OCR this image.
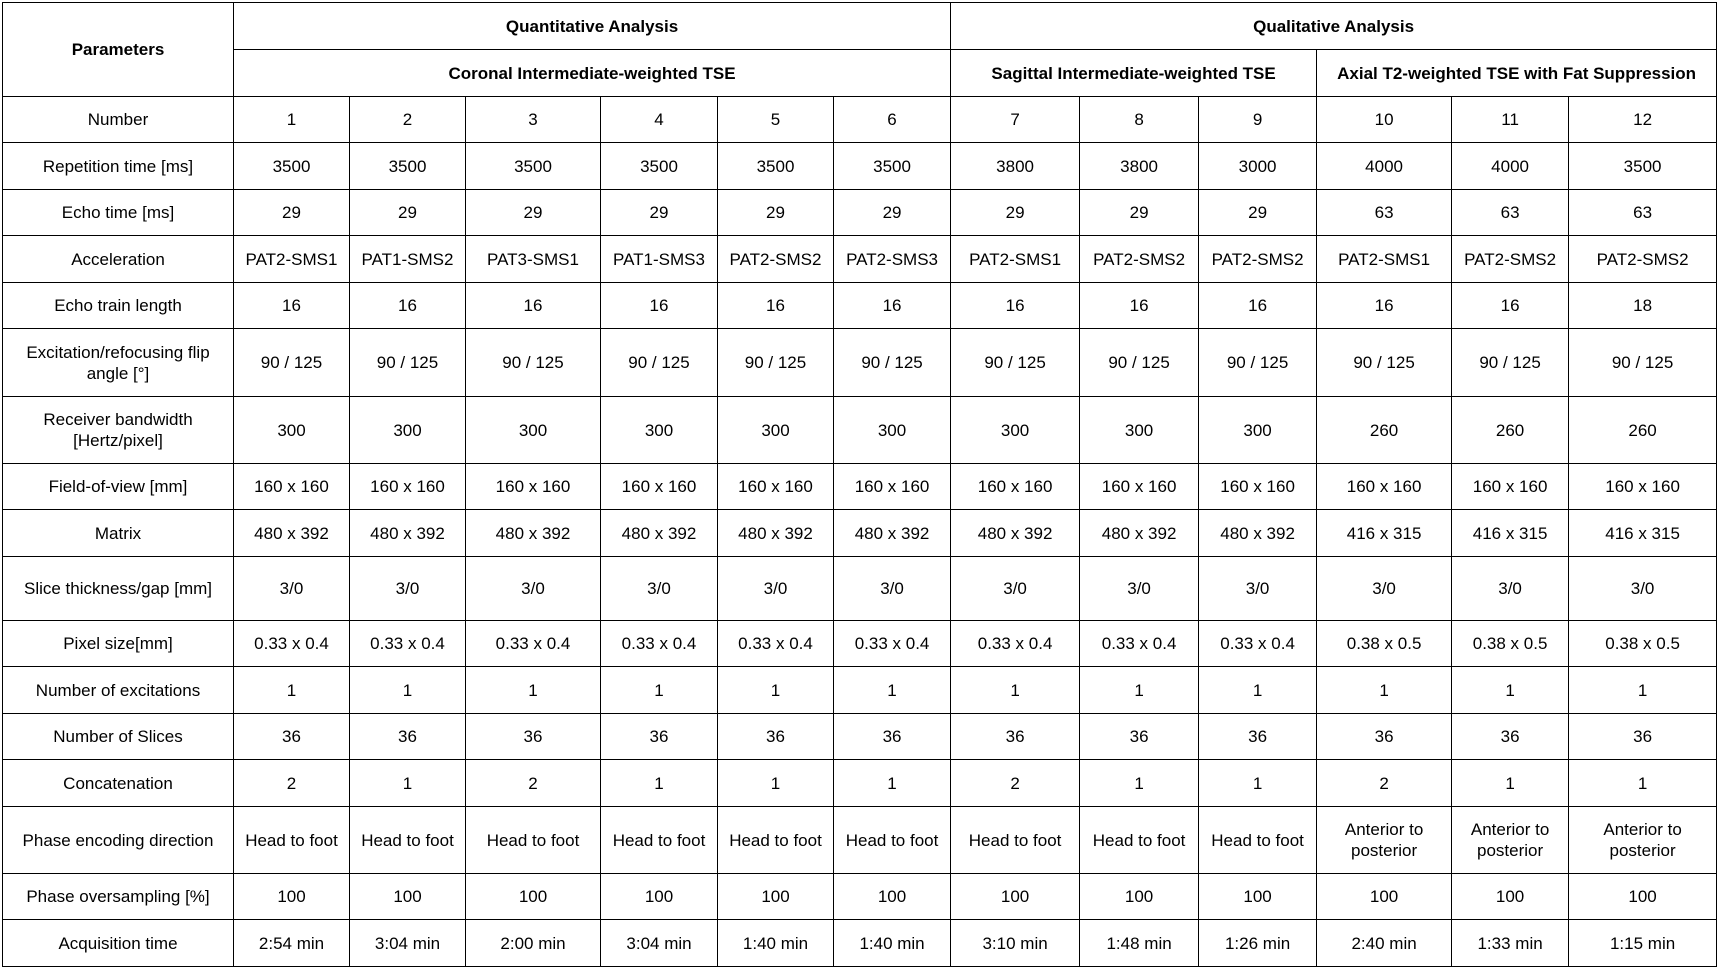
Parameters	Quantitative Analysis						Qualitative Analysis					
	Coronal Intermediate-weighted TSE						Sagittal Intermediate-weighted TSE			Axial T2-weighted TSE with Fat Suppression		
Number	1	2	3	4	5	6	7	8	9	10	11	12
Repetition time [ms]	3500	3500	3500	3500	3500	3500	3800	3800	3000	4000	4000	3500
Echo time [ms]	29	29	29	29	29	29	29	29	29	63	63	63
Acceleration	PAT2-SMS1	PAT1-SMS2	PAT3-SMS1	PAT1-SMS3	PAT2-SMS2	PAT2-SMS3	PAT2-SMS1	PAT2-SMS2	PAT2-SMS2	PAT2-SMS1	PAT2-SMS2	PAT2-SMS2
Echo train length	16	16	16	16	16	16	16	16	16	16	16	18
Excitation/refocusing flip angle [°]	90 / 125	90 / 125	90 / 125	90 / 125	90 / 125	90 / 125	90 / 125	90 / 125	90 / 125	90 / 125	90 / 125	90 / 125
Receiver bandwidth [Hertz/pixel]	300	300	300	300	300	300	300	300	300	260	260	260
Field-of-view [mm]	160 x 160	160 x 160	160 x 160	160 x 160	160 x 160	160 x 160	160 x 160	160 x 160	160 x 160	160 x 160	160 x 160	160 x 160
Matrix	480 x 392	480 x 392	480 x 392	480 x 392	480 x 392	480 x 392	480 x 392	480 x 392	480 x 392	416 x 315	416 x 315	416 x 315
Slice thickness/gap [mm]	3/0	3/0	3/0	3/0	3/0	3/0	3/0	3/0	3/0	3/0	3/0	3/0
Pixel size[mm]	0.33 x 0.4	0.33 x 0.4	0.33 x 0.4	0.33 x 0.4	0.33 x 0.4	0.33 x 0.4	0.33 x 0.4	0.33 x 0.4	0.33 x 0.4	0.38 x 0.5	0.38 x 0.5	0.38 x 0.5
Number of excitations	1	1	1	1	1	1	1	1	1	1	1	1
Number of Slices	36	36	36	36	36	36	36	36	36	36	36	36
Concatenation	2	1	2	1	1	1	2	1	1	2	1	1
Phase encoding direction	Head to foot	Head to foot	Head to foot	Head to foot	Head to foot	Head to foot	Head to foot	Head to foot	Head to foot	Anterior to posterior	Anterior to posterior	Anterior to posterior
Phase oversampling [%]	100	100	100	100	100	100	100	100	100	100	100	100
Acquisition time	2:54 min	3:04 min	2:00 min	3:04 min	1:40 min	1:40 min	3:10 min	1:48 min	1:26 min	2:40 min	1:33 min	1:15 min
